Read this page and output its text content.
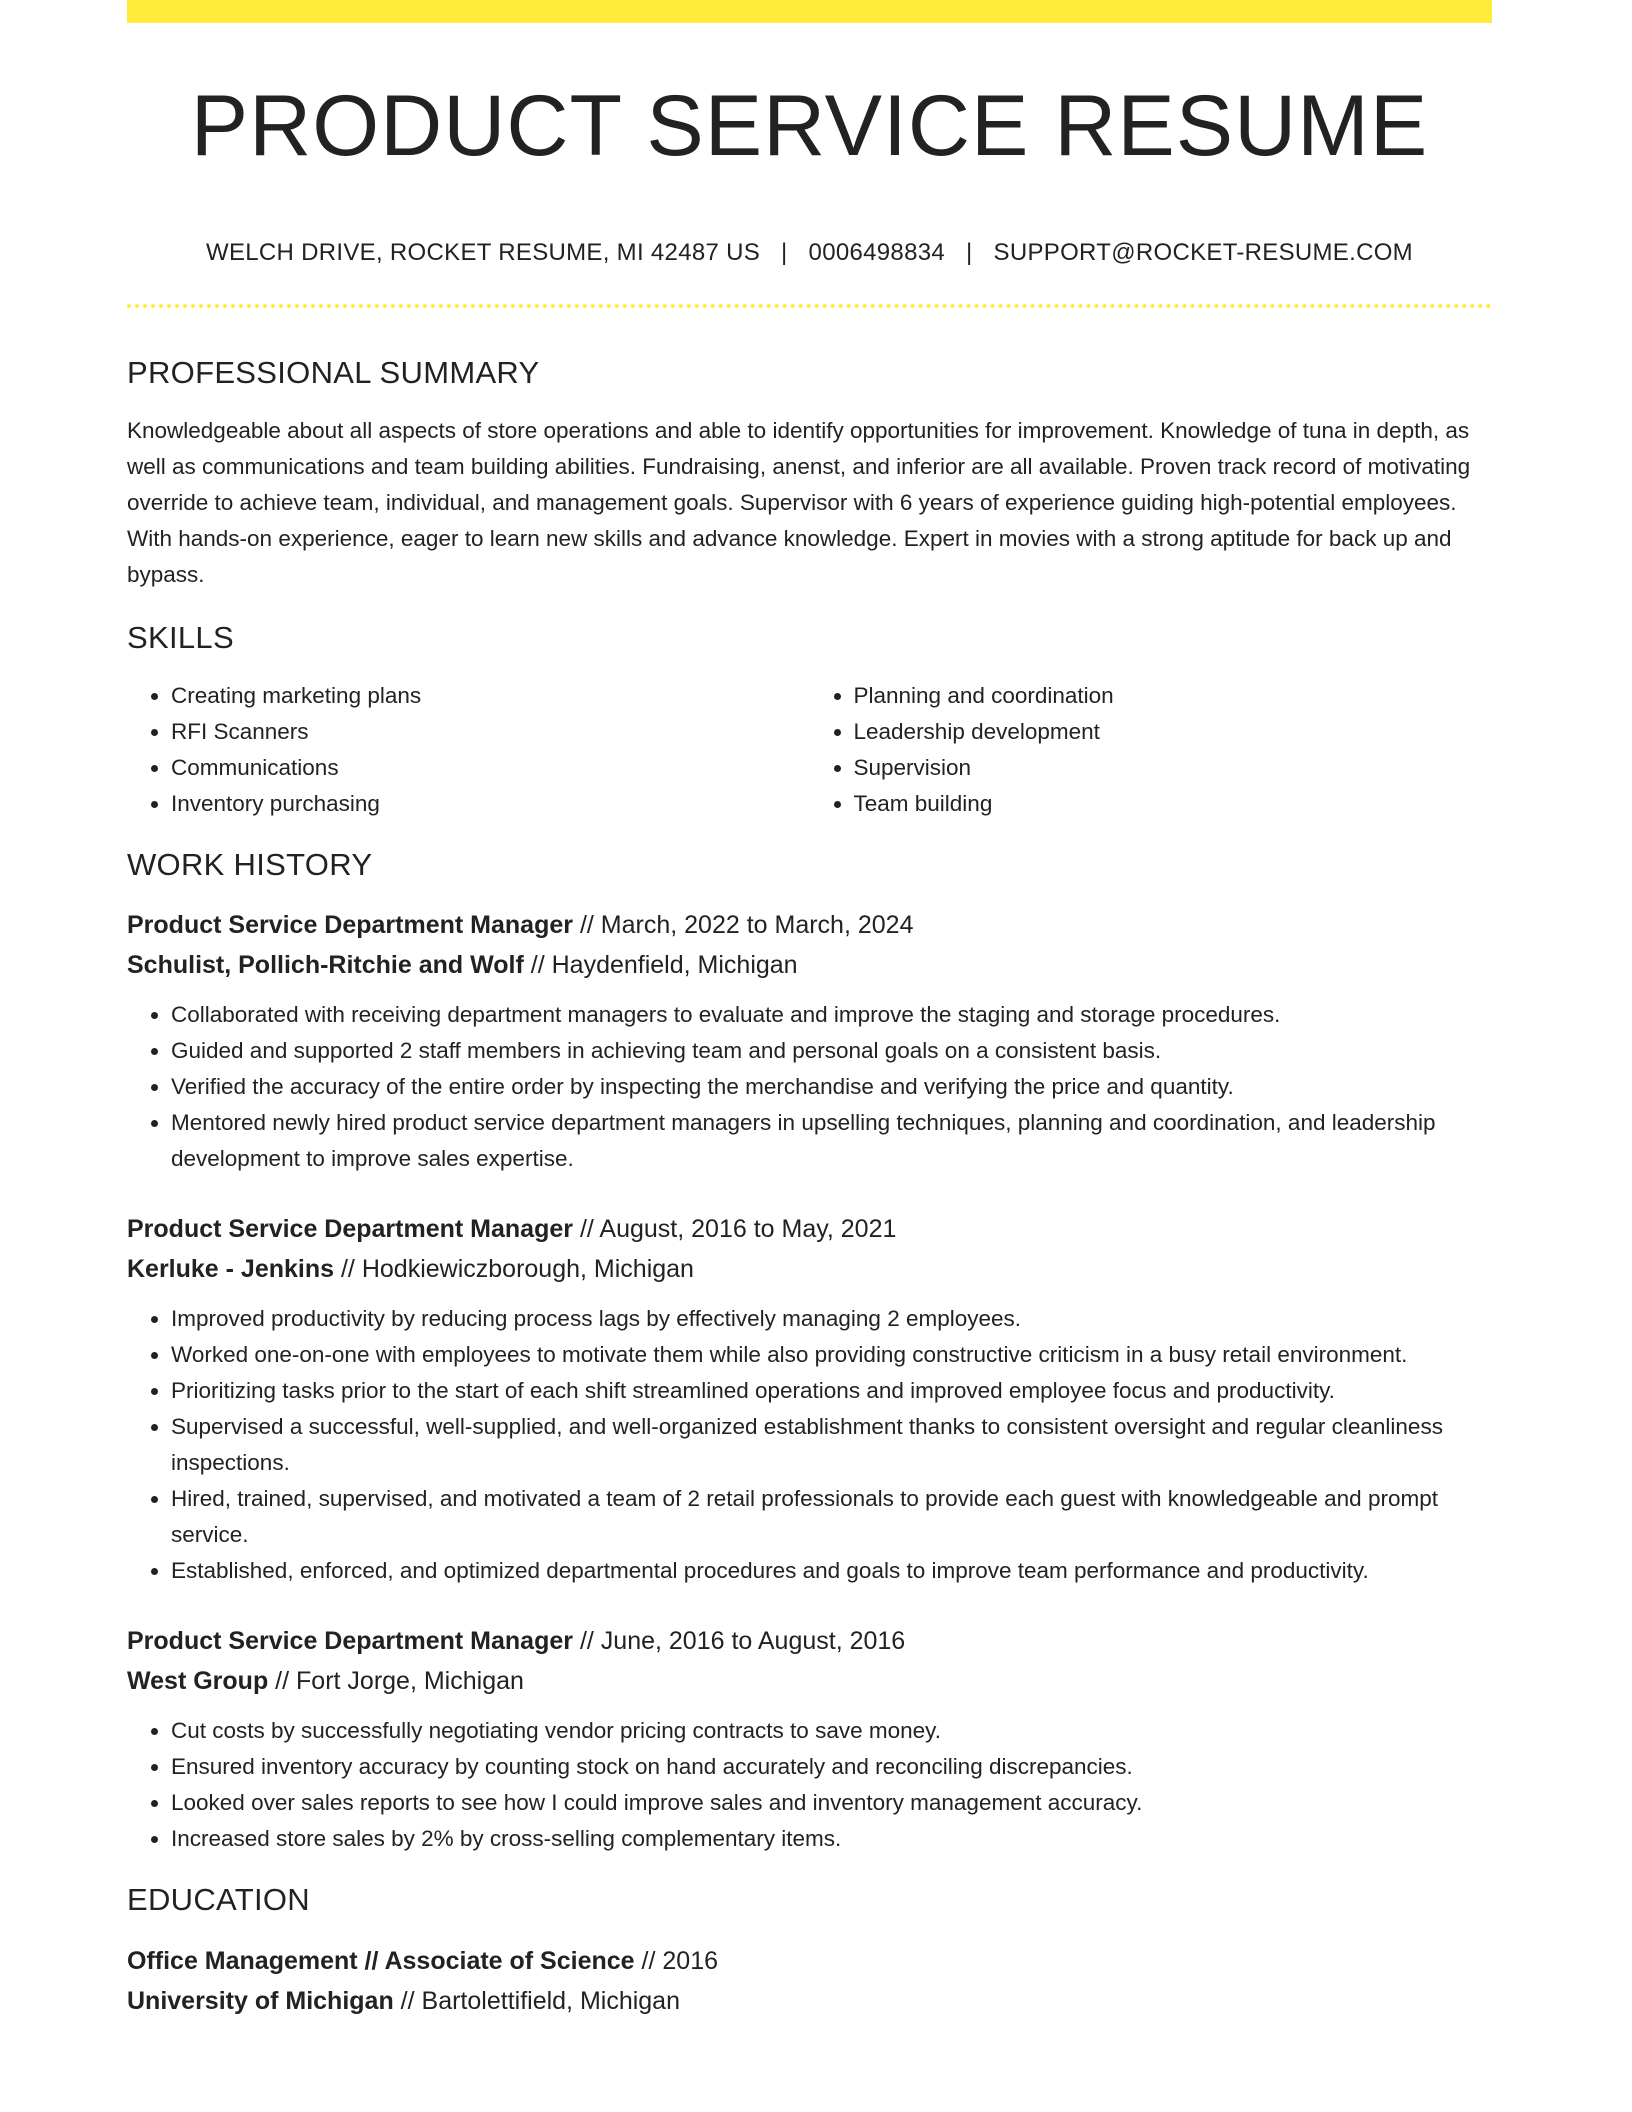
PRODUCT SERVICE RESUME
WELCH DRIVE, ROCKET RESUME, MI 42487 US | 0006498834 | SUPPORT@ROCKET-RESUME.COM
PROFESSIONAL SUMMARY

Knowledgeable about all aspects of store operations and able to identify opportunities for improvement. Knowledge of tuna in depth, as well as communications and team building abilities. Fundraising, anenst, and inferior are all available. Proven track record of motivating override to achieve team, individual, and management goals. Supervisor with 6 years of experience guiding high-potential employees. With hands-on experience, eager to learn new skills and advance knowledge. Expert in movies with a strong aptitude for back up and bypass.

SKILLS
• Creating marketing plans
• RFI Scanners
• Communications
• Inventory purchasing
• Planning and coordination
• Leadership development
• Supervision
• Team building
WORK HISTORY
Product Service Department Manager // March, 2022 to March, 2024
Schulist, Pollich-Ritchie and Wolf // Haydenfield, Michigan
• Collaborated with receiving department managers to evaluate and improve the staging and storage procedures.
• Guided and supported 2 staff members in achieving team and personal goals on a consistent basis.
• Verified the accuracy of the entire order by inspecting the merchandise and verifying the price and quantity.
• Mentored newly hired product service department managers in upselling techniques, planning and coordination, and leadership development to improve sales expertise.
Product Service Department Manager // August, 2016 to May, 2021
Kerluke - Jenkins // Hodkiewiczborough, Michigan
• Improved productivity by reducing process lags by effectively managing 2 employees.
• Worked one-on-one with employees to motivate them while also providing constructive criticism in a busy retail environment.
• Prioritizing tasks prior to the start of each shift streamlined operations and improved employee focus and productivity.
• Supervised a successful, well-supplied, and well-organized establishment thanks to consistent oversight and regular cleanliness inspections.
• Hired, trained, supervised, and motivated a team of 2 retail professionals to provide each guest with knowledgeable and prompt service.
• Established, enforced, and optimized departmental procedures and goals to improve team performance and productivity.
Product Service Department Manager // June, 2016 to August, 2016
West Group // Fort Jorge, Michigan
• Cut costs by successfully negotiating vendor pricing contracts to save money.
• Ensured inventory accuracy by counting stock on hand accurately and reconciling discrepancies.
• Looked over sales reports to see how I could improve sales and inventory management accuracy.
• Increased store sales by 2% by cross-selling complementary items.
EDUCATION
Office Management // Associate of Science // 2016
University of Michigan // Bartolettifield, Michigan
